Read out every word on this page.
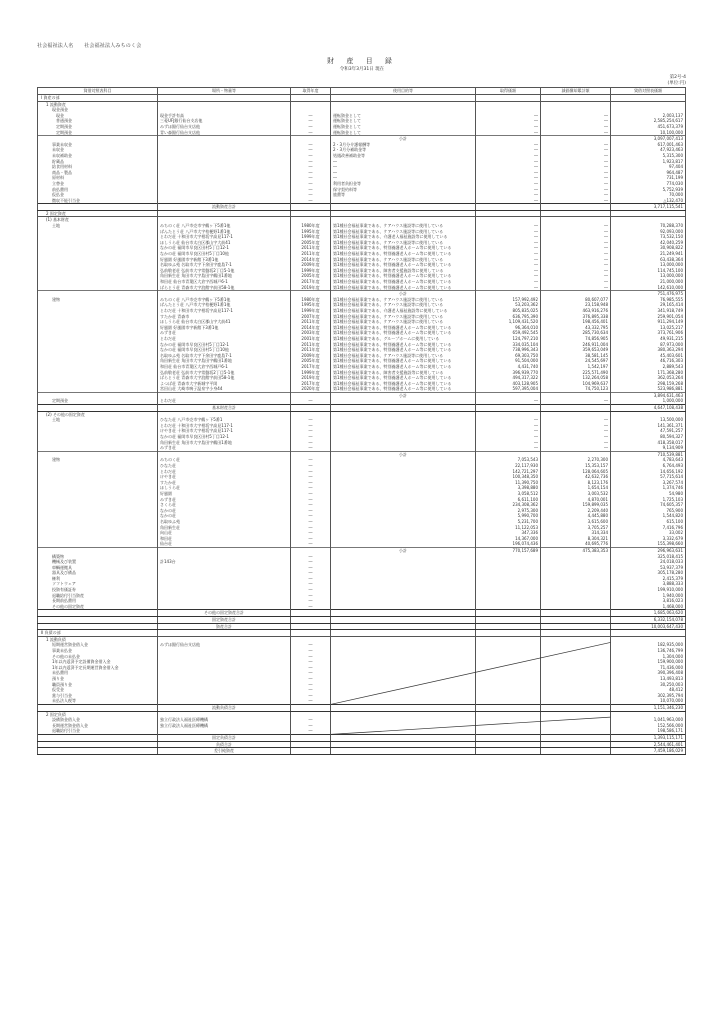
社会福祉法人名 社会福祉法人みちのく会
財 産 目 録
令和3年3月31日 現在
第2号-4
(単位:円)
貸借対照表科目	場所・物量等	取得年度	使用目的等	取得価額	減価償却累計額	貸借対照表価額
I 資産の部						
1 流動資産						
現金預金						
現金	現金手許有高	―	運転資金として	―	―	2,003,137
普通預金	三菱UFJ銀行仙台支店他	―	運転資金として	―	―	2,585,254,617
定期預金	みずほ銀行仙台支店他	―	運転資金として	―	―	451,673,379
定期預金	青い森銀行仙台支店他	―	運転資金として	―	―	10,100,000
			小計			3,097,007,413
事業未収金		―	2・3月分介護報酬等	―	―	617,001,463
未収金		―	2・3月分補助金等	―	―	47,923,463
未収補助金		―	処遇改善補助金等	―	―	5,315,300
貯蔵品		―	―	―	―	1,923,817
給食用材料		―	―	―	―	97,404
商品・製品		―	―	―	―	964,487
原材料		―	―	―	―	731,199
立替金		―	利用者負担金等	―	―	774,030
前払費用		―	保守契約料等	―	―	5,752,939
仮払金		―	旅費等	―	―	70,000
徴収不能引当金		―		―	―	△132,470
	流動資産合計					3,717,115,541
2 固定資産						
(1) 基本財産						
土地	みちのく荘 八戸市売市字鶴ヶ下5番1他	1980年度	第1種社会福祉事業である、ケアハウス施設等に使用している	―	―	70,288,370
	ぱんたとう荘 八戸市大字桔梗野1番1他	1995年度	第1種社会福祉事業である、ケアハウス施設等に使用している	―	―	92,093,000
	とわだ荘 十和田市大字相坂字高見117-1	1999年度	第1種社会福祉事業である、介護老人福祉施設等に使用している	―	―	73,532,150
	ほしうら荘 仙台市太白区郡山字大前41	2005年度	第1種社会福祉事業である、ケアハウス施設等に使用している	―	―	42,040,259
	なかの荘 福岡市早良区田村5丁目12-1	2011年度	第1種社会福祉事業である、特別養護老人ホーム等に使用している	―	―	30,908,822
	なかの荘 福岡市早良区田村5丁目10他	2011年度	第1種社会福祉事業である、特別養護老人ホーム等に使用している	―	―	21,249,941
	好風園 好風園市字新館下3番1他	2014年度	第1種社会福祉事業である、ケアハウス施設等に使用している	―	―	63,438,364
	名取ゆふ苑 名取市大字下余田字鹿島7-1	2009年度	第1種社会福祉事業である、特別養護老人ホーム等に使用している	―	―	13,000,000
	弘前敬老荘 弘前市大字常盤坂2丁目5-1他	1999年度	第1種社会福祉事業である、障害者支援施設等に使用している	―	―	114,745,100
	角田新生荘 角田市大字島田字鶴田1番地	2005年度	第1種社会福祉事業である、特別養護老人ホーム等に使用している	―	―	13,000,000
	和田荘 仙台市青葉区大倉字西城戸6-1	2017年度	第1種社会福祉事業である、特別養護老人ホーム等に使用している	―	―	21,000,000
	ばらとう荘 青森市大字浪館字前田58-1他	2019年度	第1種社会福祉事業である、特別養護老人ホーム等に使用している	―	―	142,610,000
			小計			751,476,975
建物	みちのく荘 八戸市売市字鶴ヶ下5番1他	1980年度	第1種社会福祉事業である、ケアハウス施設等に使用している	157,992,492	80,607,077	76,985,555
	ぱんたとう荘 八戸市大字桔梗野1番1他	1995年度	第1種社会福祉事業である、ケアハウス施設等に使用している	53,203,362	23,158,948	29,165,414
	とわだ荘 十和田市大字相坂字高見117-1	1999年度	第1種社会福祉事業である、介護老人福祉施設等に使用している	805,835,025	463,916,276	341,918,749
	すたか荘 青森市	2007年度	第1種社会福祉事業である、ケアハウス施設等に使用している	636,795,390	376,895,338	259,901,054
	ほしうら荘 仙台市太白区郡山字大前41	2011年度	第1種社会福祉事業である、ケアハウス施設等に使用している	1,109,431,520	198,456,401	911,294,149
	好風園 好風園市字新館下3番1他	2014年度	第1種社会福祉事業である、特別養護老人ホーム等に使用している	96,364,010	43,332,795	13,025,217
	みずき荘	2003年度	第1種社会福祉事業である、特別養護老人ホーム等に使用している	659,492,545	285,730,634	373,761,906
	とわだ荘	2001年度	第1種社会福祉事業である、グループホームに使用している	124,797,210	74,856,905	49,931,215
	なかの荘 福岡市早良区田村5丁目12-1	2011年度	第1種社会福祉事業である、特別養護老人ホーム等に使用している	334,035,104	246,911,004	87,973,000
	なかの荘 福岡市早良区田村5丁目10他	2011年度	第1種社会福祉事業である、特別養護老人ホーム等に使用している	738,996,343	359,653,049	380,363,294
	名取ゆふ苑 名取市大字下余田字鹿島7-1	2009年度	第1種社会福祉事業である、ケアハウス施設等に使用している	69,303,750	38,581,145	45,403,601
	角田新生荘 角田市大字島田字鶴田1番地	2005年度	第1種社会福祉事業である、特別養護老人ホーム等に使用している	91,504,000	24,545,697	46,716,303
	和田荘 仙台市青葉区大倉字西城戸6-1	2017年度	第1種社会福祉事業である、特別養護老人ホーム等に使用している	4,431,740	1,542,197	2,889,543
	弘前敬老荘 弘前市大字常盤坂2丁目5-1他	1999年度	第1種社会福祉事業である、障害者支援施設等に使用している	396,939,770	225,571,490	171,368,280
	ばらとう荘 青森市大字浪館字前田58-1他	2019年度	第1種社会福祉事業である、特別養護老人ホーム等に使用している	494,317,322	132,264,058	362,053,264
	よつば荘 青森市大字新城字平岡	2017年度	第1種社会福祉事業である、特別養護老人ホーム等に使用している	403,128,905	104,969,637	298,159,268
	宮田山荘 大崎市鳴子温泉字小身44	2020年度	第1種社会福祉事業である、特別養護老人ホーム等に使用している	597,395,004	74,750,123	523,986,881
			小計			3,894,631,463
定期預金	とわだ荘	―		―	―	1,000,000
	基本財産合計					4,647,108,438
(2) その他の固定資産						
土地	ひなた荘 八戸市売市字鶴ヶ下5番1	―		―	―	13,500,000
	とわだ荘 十和田市大字相坂字高見117-1	―		―	―	141,361,371
	けやき荘 十和田市大字相坂字高見117-1	―		―	―	47,591,257
	なかの荘 福岡市早良区田村5丁目12-1	―		―	―	80,594,327
	角田新生荘 角田市大字島田字鶴田1番地	―		―	―	418,358,017
	みずき荘	―		―	―	9,134,909
			小計			710,539,881
建物	みちのく荘	―		7,053,543	2,270,300	4,783,643
	ひなた荘	―		22,117,930	15,353,157	6,764,493
	とわだ荘	―		142,721,297	128,064,605	14,656,192
	けやき荘	―		100,348,350	42,632,736	57,715,614
	すたか荘	―		11,390,750	8,123,176	3,267,574
	ほしうら荘	―		3,398,880	1,654,154	1,374,746
	好風園	―		3,058,512	3,003,532	54,980
	みずき荘	―		6,611,100	4,870,001	1,725,103
	さくら荘	―		234,308,362	159,899,035	74,605,357
	なかの荘	―		2,975,300	2,209,440	765,900
	なかの荘	―		5,990,700	4,445,880	1,544,820
	名取ゆふ苑	―		5,231,700	3,615,600	615,100
	角田新生荘	―		11,122,053	3,705,257	7,416,796
	向山荘	―		347,336	314,334	33,002
	和田荘	―		14,367,000	8,304,321	3,332,679
	仙台荘	―		196,074,436	40,695,776	155,398,660
			小計	770,157,689	475,383,353	296,963,631
構築物		―				325,018,415
機械及び装置	計143台	―				24,018,033
車輌運搬具		―				53,937,379
器具及び備品		―				305,178,280
権利		―				2,415,379
ソフトウェア		―				3,888,333
投資有価証券		―				199,910,000
退職給付引当資産		―				1,940,000
長期前払費用		―				3,816,023
その他の固定資産		―				1,468,000
	その他の固定資産合計					1,685,063,620
	固定資産合計					6,332,154,078
	資産合計					10,003,647,430
II 負債の部						
1 流動負債						
短期運営資金借入金	みずほ銀行仙台支店他	―				182,935,000
事業未払金		―				136,746,799
その他の未払金		―				1,304,000
1年以内返済予定設備資金借入金		―				159,900,000
1年以内返済予定長期運営資金借入金		―				71,436,000
未払費用		―				390,396,408
預り金		―				13,493,813
職員預り金		―				30,250,003
仮受金		―				48,412
賞与引当金		―				302,395,794
未払法人税等		―				10,070,000
	流動負債合計					1,151,346,230
2 固定負債						
設備資金借入金	独立行政法人福祉医療機構	―				1,041,963,000
長期運営資金借入金	独立行政法人福祉医療機構	―				152,566,000
退職給付引当金		―				198,586,171
	固定負債合計					1,393,115,171
	負債合計					2,544,461,401
	差引純資産					7,459,186,029
